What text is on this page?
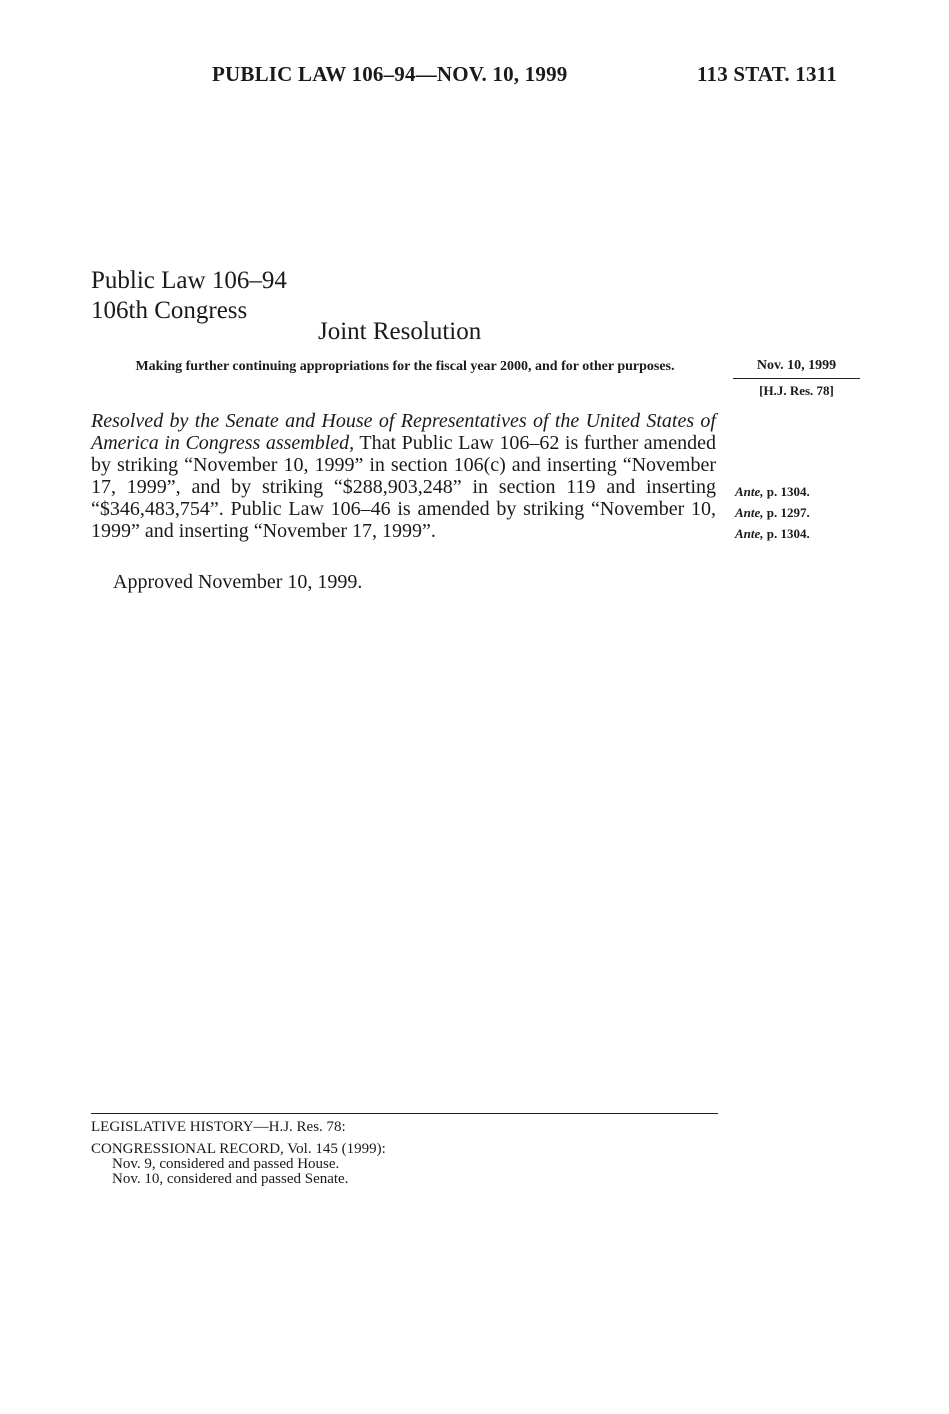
PUBLIC LAW 106–94—NOV. 10, 1999	113 STAT. 1311
Public Law 106–94
106th Congress
Joint Resolution
Making further continuing appropriations for the fiscal year 2000, and for other purposes.	Nov. 10, 1999
[H.J. Res. 78]
Resolved by the Senate and House of Representatives of the United States of America in Congress assembled, That Public Law 106–62 is further amended by striking “November 10, 1999” in section 106(c) and inserting “November 17, 1999”, and by striking “$288,903,248” in section 119 and inserting “$346,483,754”. Public Law 106–46 is amended by striking “November 10, 1999” and inserting “November 17, 1999”.
Ante, p. 1304.
Ante, p. 1297.
Ante, p. 1304.
Approved November 10, 1999.
LEGISLATIVE HISTORY—H.J. Res. 78:
CONGRESSIONAL RECORD, Vol. 145 (1999):
Nov. 9, considered and passed House.
Nov. 10, considered and passed Senate.
